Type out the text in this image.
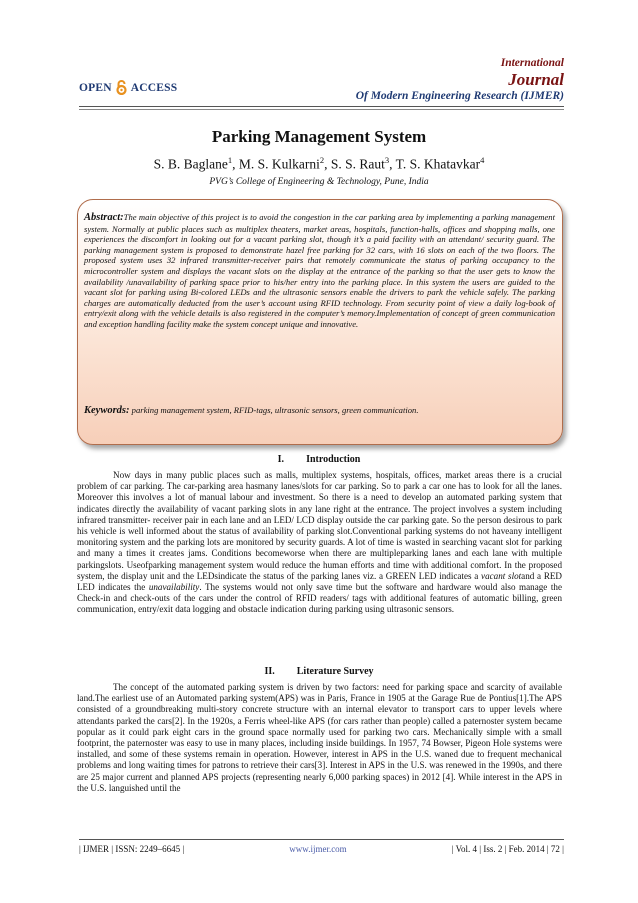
OPEN ACCESS
International
Journal
Of Modern Engineering Research (IJMER)
Parking Management System
S. B. Baglane$^1$, M. S. Kulkarni$^2$, S. S. Raut$^3$, T. S. Khatavkar$^4$
PVG’s College of Engineering & Technology, Pune, India
Abstract:The main objective of this project is to avoid the congestion in the car parking area by implementing a parking management system. Normally at public places such as multiplex theaters, market areas, hospitals, function-halls, offices and shopping malls, one experiences the discomfort in looking out for a vacant parking slot, though it’s a paid facility with an attendant/ security guard. The parking management system is proposed to demonstrate hazel free parking for 32 cars, with 16 slots on each of the two floors. The proposed system uses 32 infrared transmitter-receiver pairs that remotely communicate the status of parking occupancy to the microcontroller system and displays the vacant slots on the display at the entrance of the parking so that the user gets to know the availability /unavailability of parking space prior to his/her entry into the parking place. In this system the users are guided to the vacant slot for parking using Bi-colored LEDs and the ultrasonic sensors enable the drivers to park the vehicle safely. The parking charges are automatically deducted from the user’s account using RFID technology. From security point of view a daily log-book of entry/exit along with the vehicle details is also registered in the computer’s memory.Implementation of concept of green communication and exception handling facility make the system concept unique and innovative.
Keywords: parking management system, RFID-tags, ultrasonic sensors, green communication.
I. Introduction
Now days in many public places such as malls, multiplex systems, hospitals, offices, market areas there is a crucial problem of car parking. The car-parking area hasmany lanes/slots for car parking. So to park a car one has to look for all the lanes. Moreover this involves a lot of manual labour and investment. So there is a need to develop an automated parking system that indicates directly the availability of vacant parking slots in any lane right at the entrance. The project involves a system including infrared transmitter- receiver pair in each lane and an LED/ LCD display outside the car parking gate. So the person desirous to park his vehicle is well informed about the status of availability of parking slot.Conventional parking systems do not haveany intelligent monitoring system and the parking lots are monitored by security guards. A lot of time is wasted in searching vacant slot for parking and many a times it creates jams. Conditions becomeworse when there are multipleparking lanes and each lane with multiple parkingslots. Useofparking management system would reduce the human efforts and time with additional comfort. In the proposed system, the display unit and the LEDsindicate the status of the parking lanes viz. a GREEN LED indicates a vacant slotand a RED LED indicates the unavailability. The systems would not only save time but the software and hardware would also manage the Check-in and check-outs of the cars under the control of RFID readers/ tags with additional features of automatic billing, green communication, entry/exit data logging and obstacle indication during parking using ultrasonic sensors.
II. Literature Survey
The concept of the automated parking system is driven by two factors: need for parking space and scarcity of available land.The earliest use of an Automated parking system(APS) was in Paris, France in 1905 at the Garage Rue de Pontius[1].The APS consisted of a groundbreaking multi-story concrete structure with an internal elevator to transport cars to upper levels where attendants parked the cars[2]. In the 1920s, a Ferris wheel-like APS (for cars rather than people) called a paternoster system became popular as it could park eight cars in the ground space normally used for parking two cars. Mechanically simple with a small footprint, the paternoster was easy to use in many places, including inside buildings. In 1957, 74 Bowser, Pigeon Hole systems were installed, and some of these systems remain in operation. However, interest in APS in the U.S. waned due to frequent mechanical problems and long waiting times for patrons to retrieve their cars[3]. Interest in APS in the U.S. was renewed in the 1990s, and there are 25 major current and planned APS projects (representing nearly 6,000 parking spaces) in 2012 [4]. While interest in the APS in the U.S. languished until the
| IJMER | ISSN: 2249–6645 |	www.ijmer.com	| Vol. 4 | Iss. 2 | Feb. 2014 | 72 |
